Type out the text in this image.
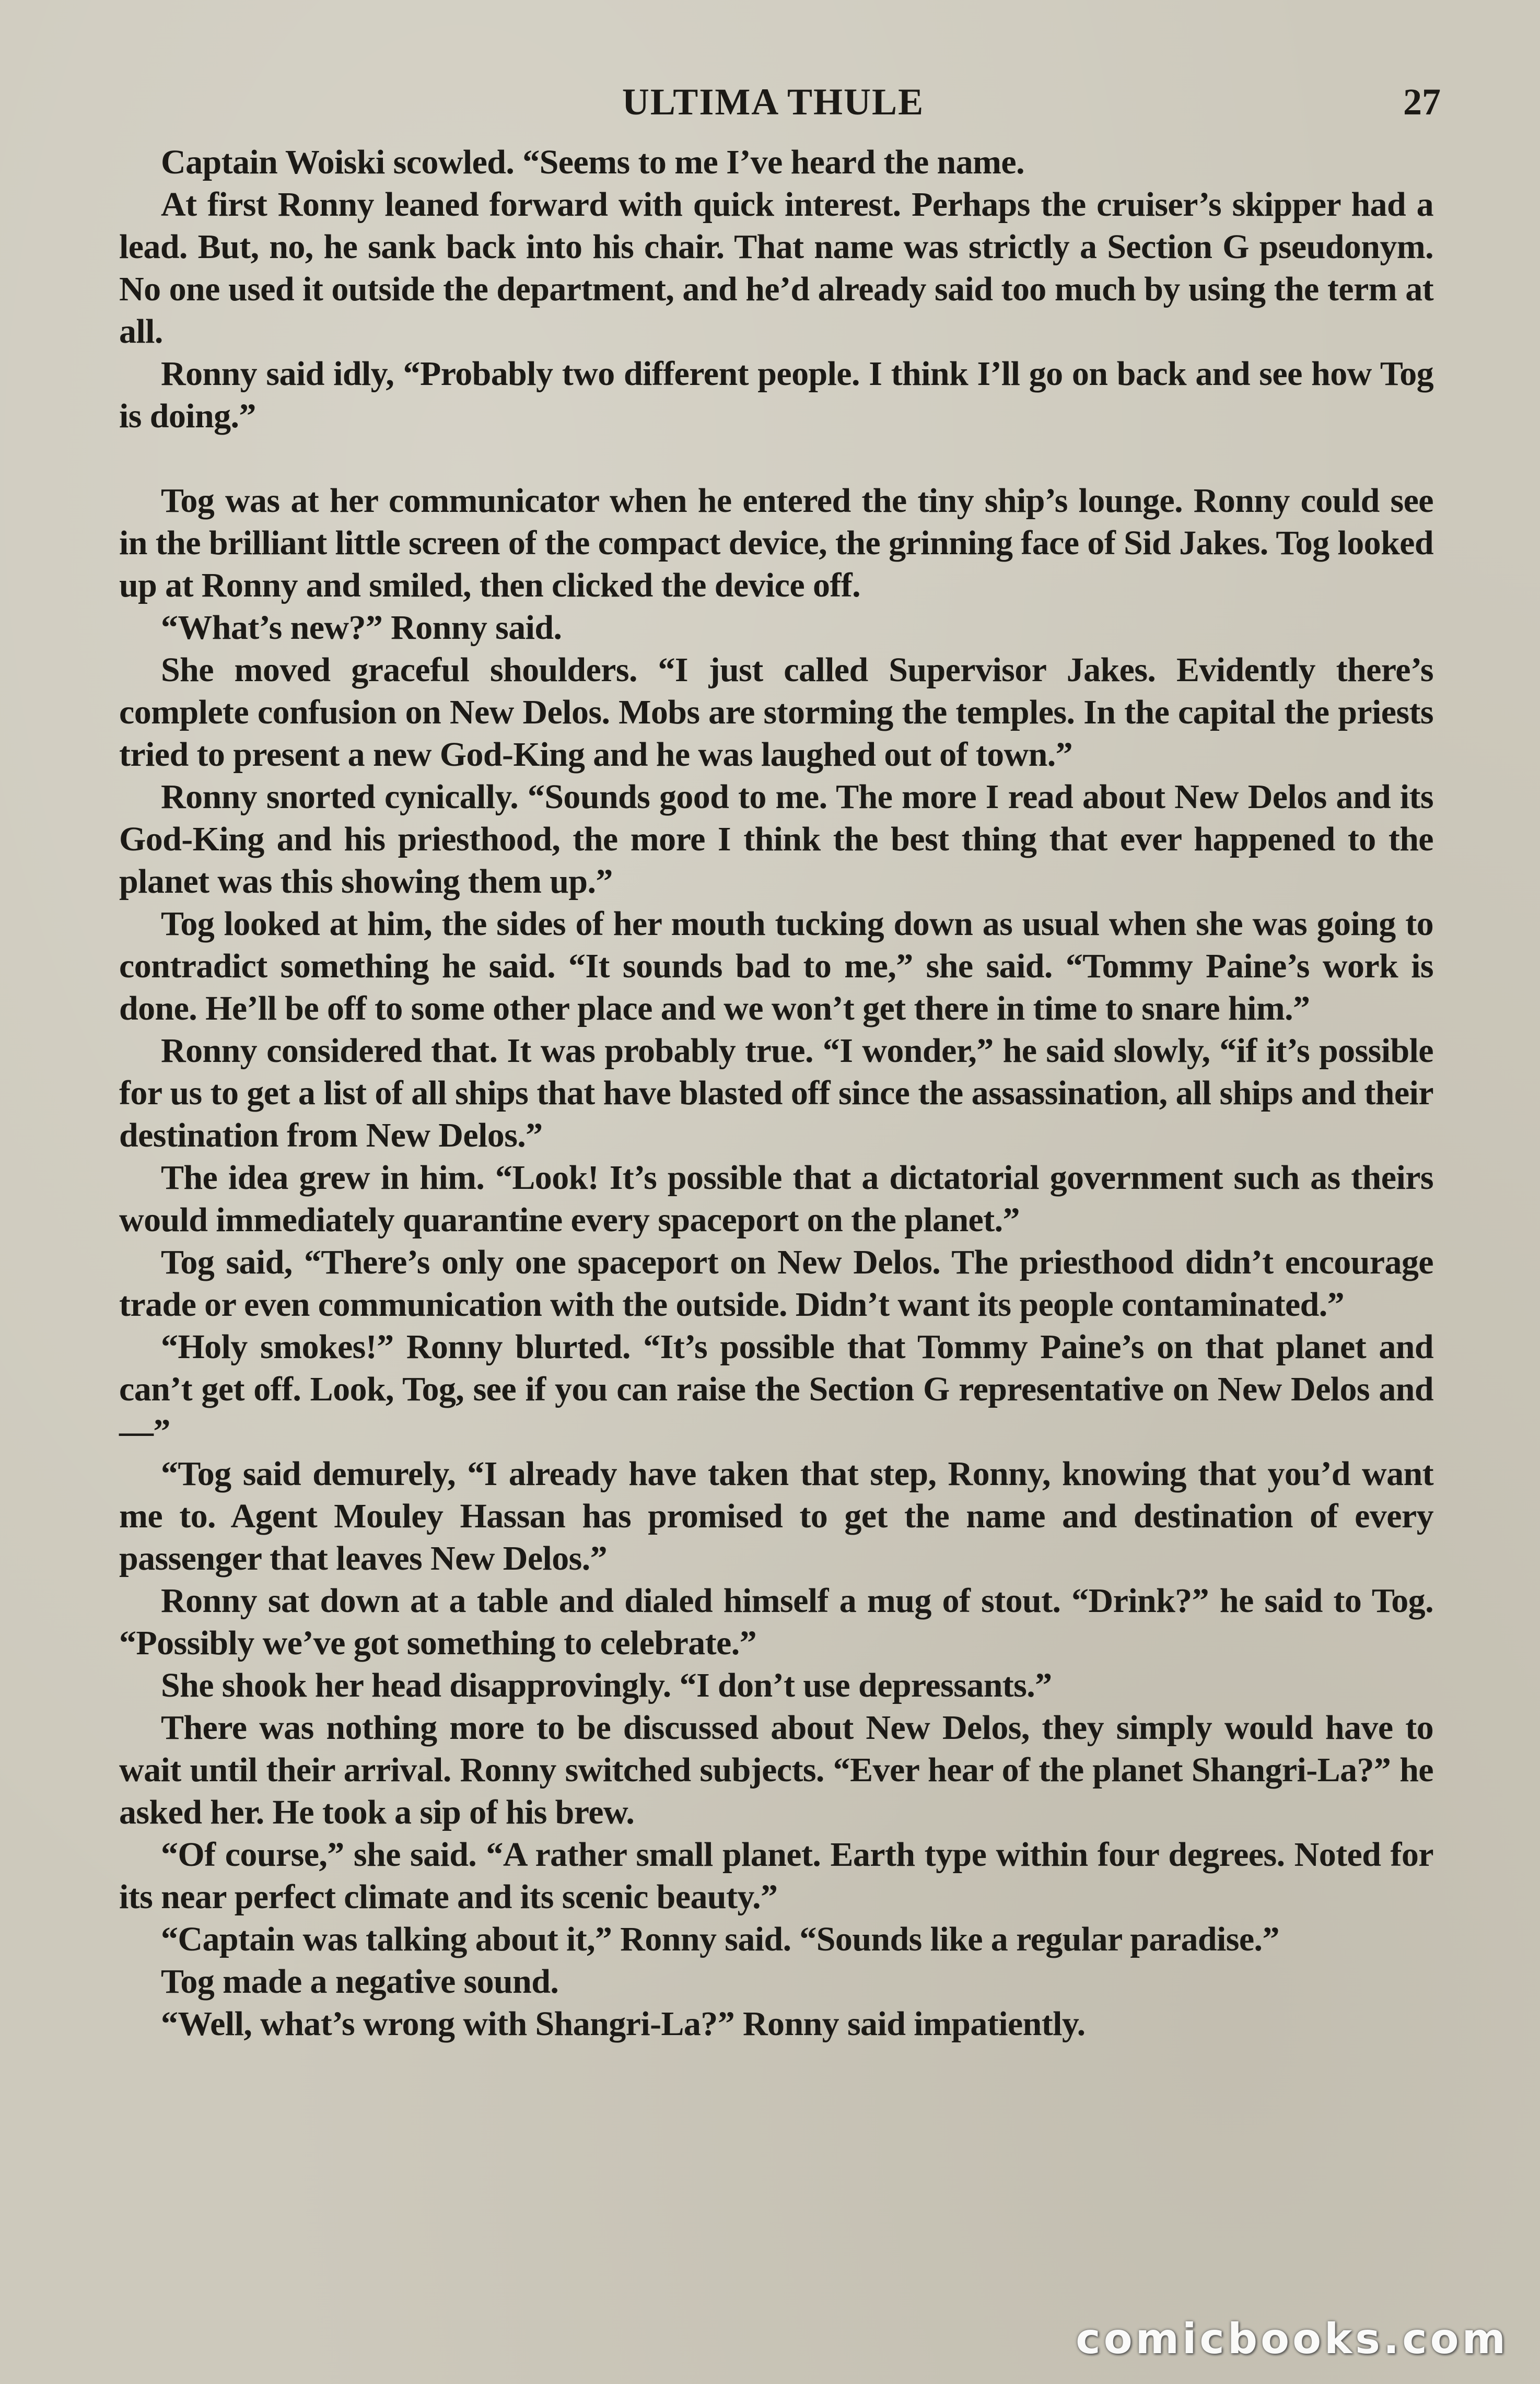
ULTIMA THULE	27

Captain Woiski scowled. “Seems to me I’ve heard the name.

At first Ronny leaned forward with quick interest. Perhaps the cruiser’s skipper had a lead. But, no, he sank back into his chair. That name was strictly a Section G pseudonym. No one used it outside the department, and he’d already said too much by using the term at all.

Ronny said idly, “Probably two different people. I think I’ll go on back and see how Tog is doing.”

Tog was at her communicator when he entered the tiny ship’s lounge. Ronny could see in the brilliant little screen of the compact device, the grinning face of Sid Jakes. Tog looked up at Ronny and smiled, then clicked the device off.

“What’s new?” Ronny said.

She moved graceful shoulders. “I just called Supervisor Jakes. Evidently there’s complete confusion on New Delos. Mobs are storming the temples. In the capital the priests tried to present a new God-King and he was laughed out of town.”

Ronny snorted cynically. “Sounds good to me. The more I read about New Delos and its God-King and his priesthood, the more I think the best thing that ever happened to the planet was this showing them up.”

Tog looked at him, the sides of her mouth tucking down as usual when she was going to contradict something he said. “It sounds bad to me,” she said. “Tommy Paine’s work is done. He’ll be off to some other place and we won’t get there in time to snare him.”

Ronny considered that. It was probably true. “I wonder,” he said slowly, “if it’s possible for us to get a list of all ships that have blasted off since the assassination, all ships and their destination from New Delos.”

The idea grew in him. “Look! It’s possible that a dictatorial government such as theirs would immediately quarantine every spaceport on the planet.”

Tog said, “There’s only one spaceport on New Delos. The priesthood didn’t encourage trade or even communication with the outside. Didn’t want its people contaminated.”

“Holy smokes!” Ronny blurted. “It’s possible that Tommy Paine’s on that planet and can’t get off. Look, Tog, see if you can raise the Section G representative on New Delos and—”

“Tog said demurely, “I already have taken that step, Ronny, knowing that you’d want me to. Agent Mouley Hassan has promised to get the name and destination of every passenger that leaves New Delos.”

Ronny sat down at a table and dialed himself a mug of stout. “Drink?” he said to Tog. “Possibly we’ve got something to celebrate.”

She shook her head disapprovingly. “I don’t use depressants.”

There was nothing more to be discussed about New Delos, they simply would have to wait until their arrival. Ronny switched subjects. “Ever hear of the planet Shangri-La?” he asked her. He took a sip of his brew.

“Of course,” she said. “A rather small planet. Earth type within four degrees. Noted for its near perfect climate and its scenic beauty.”

“Captain was talking about it,” Ronny said. “Sounds like a regular paradise.”

Tog made a negative sound.

“Well, what’s wrong with Shangri-La?” Ronny said impatiently.

comicbooks.com
